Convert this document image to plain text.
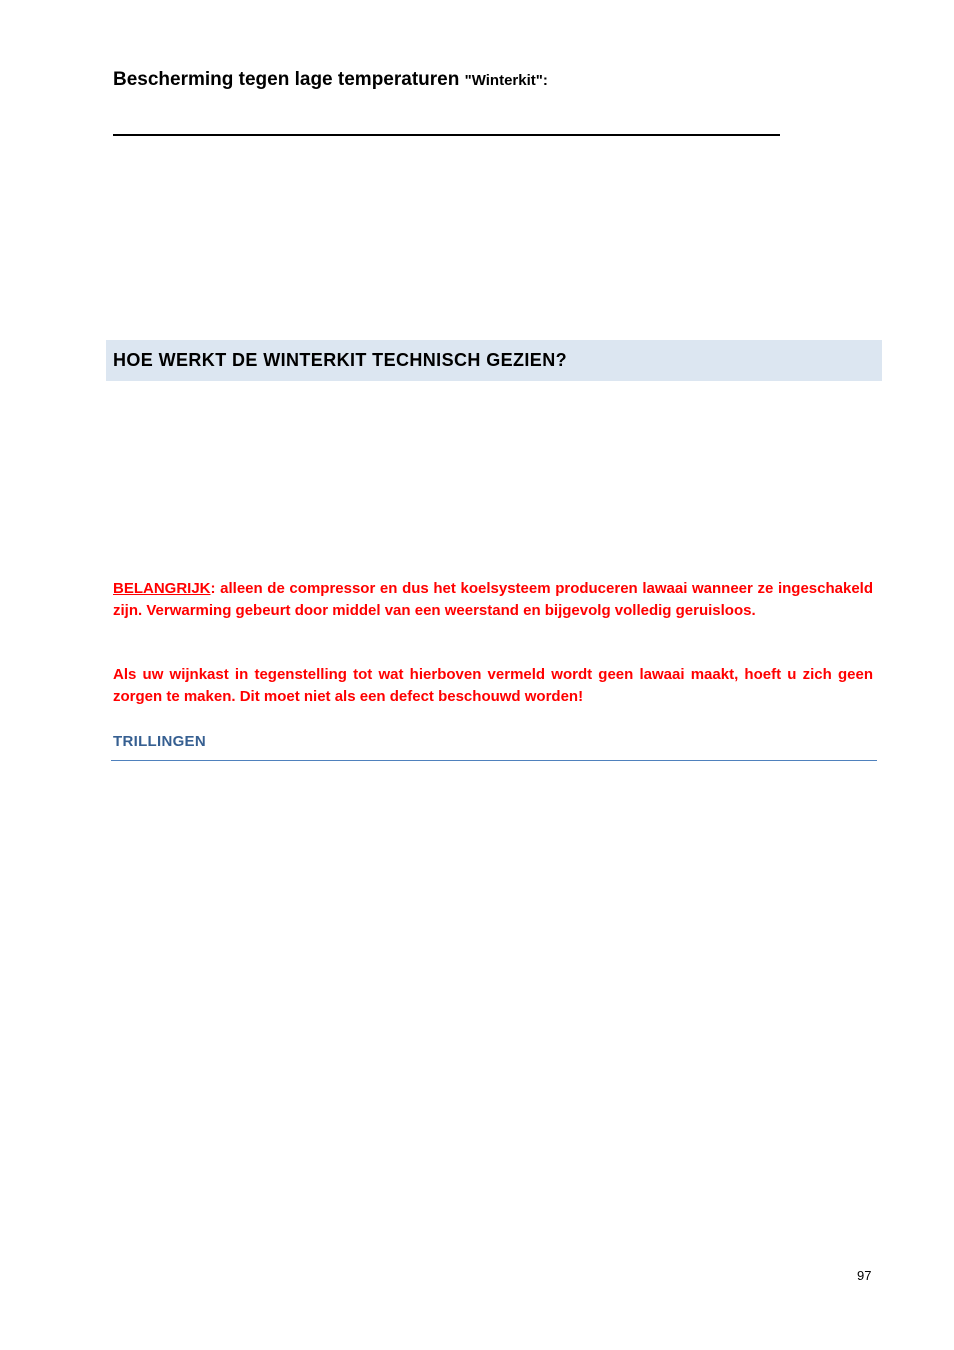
Bescherming tegen lage temperaturen "Winterkit":
HOE WERKT DE WINTERKIT TECHNISCH GEZIEN?

BELANGRIJK: alleen de compressor en dus het koelsysteem produceren lawaai wanneer ze ingeschakeld zijn. Verwarming gebeurt door middel van een weerstand en bijgevolg volledig geruisloos.

Als uw wijnkast in tegenstelling tot wat hierboven vermeld wordt geen lawaai maakt, hoeft u zich geen zorgen te maken. Dit moet niet als een defect beschouwd worden!

TRILLINGEN

97
